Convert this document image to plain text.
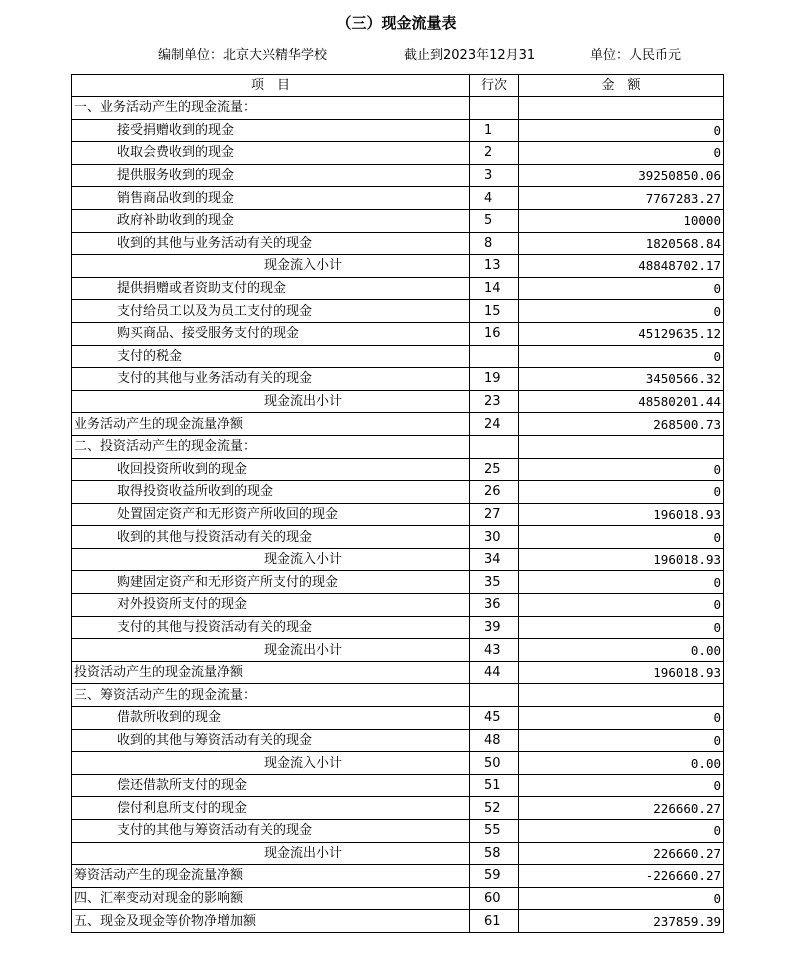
（三）现金流量表
编制单位：北京大兴精华学校	截止到2023年12月31	单位：人民币元
项　目	行次	金　额
一、业务活动产生的现金流量：		
接受捐赠收到的现金	1	0
收取会费收到的现金	2	0
提供服务收到的现金	3	39250850.06
销售商品收到的现金	4	7767283.27
政府补助收到的现金	5	10000
收到的其他与业务活动有关的现金	8	1820568.84
现金流入小计	13	48848702.17
提供捐赠或者资助支付的现金	14	0
支付给员工以及为员工支付的现金	15	0
购买商品、接受服务支付的现金	16	45129635.12
支付的税金		0
支付的其他与业务活动有关的现金	19	3450566.32
现金流出小计	23	48580201.44
业务活动产生的现金流量净额	24	268500.73
二、投资活动产生的现金流量：		
收回投资所收到的现金	25	0
取得投资收益所收到的现金	26	0
处置固定资产和无形资产所收回的现金	27	196018.93
收到的其他与投资活动有关的现金	30	0
现金流入小计	34	196018.93
购建固定资产和无形资产所支付的现金	35	0
对外投资所支付的现金	36	0
支付的其他与投资活动有关的现金	39	0
现金流出小计	43	0.00
投资活动产生的现金流量净额	44	196018.93
三、筹资活动产生的现金流量：		
借款所收到的现金	45	0
收到的其他与筹资活动有关的现金	48	0
现金流入小计	50	0.00
偿还借款所支付的现金	51	0
偿付利息所支付的现金	52	226660.27
支付的其他与筹资活动有关的现金	55	0
现金流出小计	58	226660.27
筹资活动产生的现金流量净额	59	-226660.27
四、汇率变动对现金的影响额	60	0
五、现金及现金等价物净增加额	61	237859.39
